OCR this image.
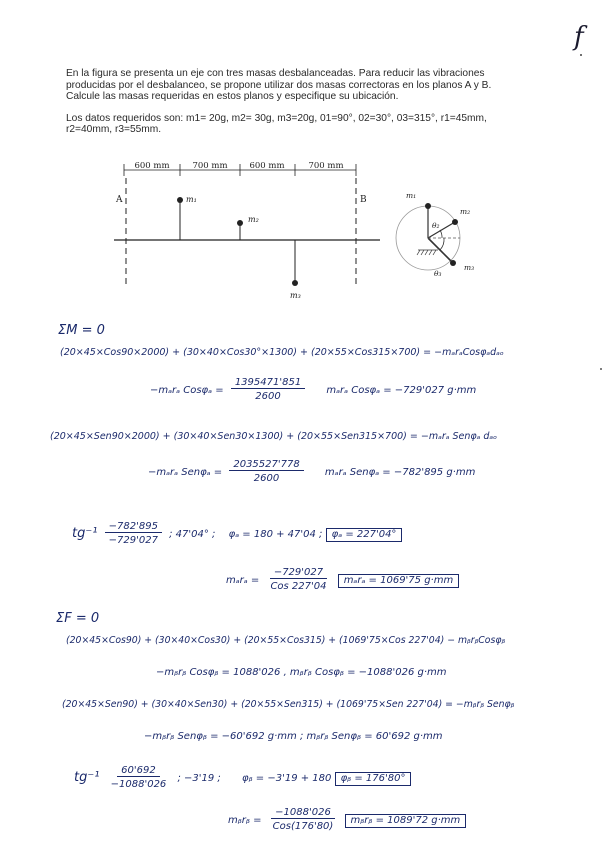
f

En la figura se presenta un eje con tres masas desbalanceadas. Para reducir las vibraciones

producidas por el desbalanceo, se propone utilizar dos masas correctoras en los planos A y B.

Calcule las masas requeridas en estos planos y especifique su ubicación.

Los datos requeridos son: m1= 20g, m2= 30g, m3=20g, 01=90°, 02=30°, 03=315°, r1=45mm,

r2=40mm, r3=55mm.

600 mm	700 mm	600 mm	700 mm
A	B
m₁
m₂
m₃
m₁
m₂
m₃
θ₂
θ₃
ΣM = 0
(20×45×Cos90×2000) + (30×40×Cos30°×1300) + (20×55×Cos315×700) = −mₐrₐCosφₐdₐₒ
−mₐrₐ $Cos\varphi_a = \frac{1395471'851}{2600}$ mₐrₐ Cosφₐ = −729'027 g·mm
(20×45×Sen90×2000) + (30×40×Sen30×1300) + (20×55×Sen315×700) = −mₐrₐ Senφₐ dₐₒ
−mₐrₐ $Sen\varphi_a = \frac{2035527'778}{2600}$ mₐrₐ Senφₐ = −782'895 g·mm
$tg^{-1} \frac{-782'895}{-729'027}$ ; 47'04° ; φₐ = 180 + 47'04 ; φₐ = 227'04°
$m_ar_a = \frac{-729'027}{\text{Cos 227'04}}$ mₐrₐ = 1069'75 g·mm
ΣF = 0
(20×45×Cos90) + (30×40×Cos30) + (20×55×Cos315) + (1069'75×Cos 227'04) − mᵦrᵦCosφᵦ
−mᵦrᵦ Cosφᵦ = 1088'026 , mᵦrᵦ Cosφᵦ = −1088'026 g·mm
(20×45×Sen90) + (30×40×Sen30) + (20×55×Sen315) + (1069'75×Sen 227'04) = −mᵦrᵦ Senφᵦ
−mᵦrᵦ Senφᵦ = −60'692 g·mm ; mᵦrᵦ Senφᵦ = 60'692 g·mm
$tg^{-1} \frac{60'692}{-1088'026}$ ; −3'19 ; φᵦ = −3'19 + 180 φᵦ = 176'80°
mᵦrᵦ = $\frac{-1088'026}{\text{Cos(176'80)}}$ mᵦrᵦ = 1089'72 g·mm
